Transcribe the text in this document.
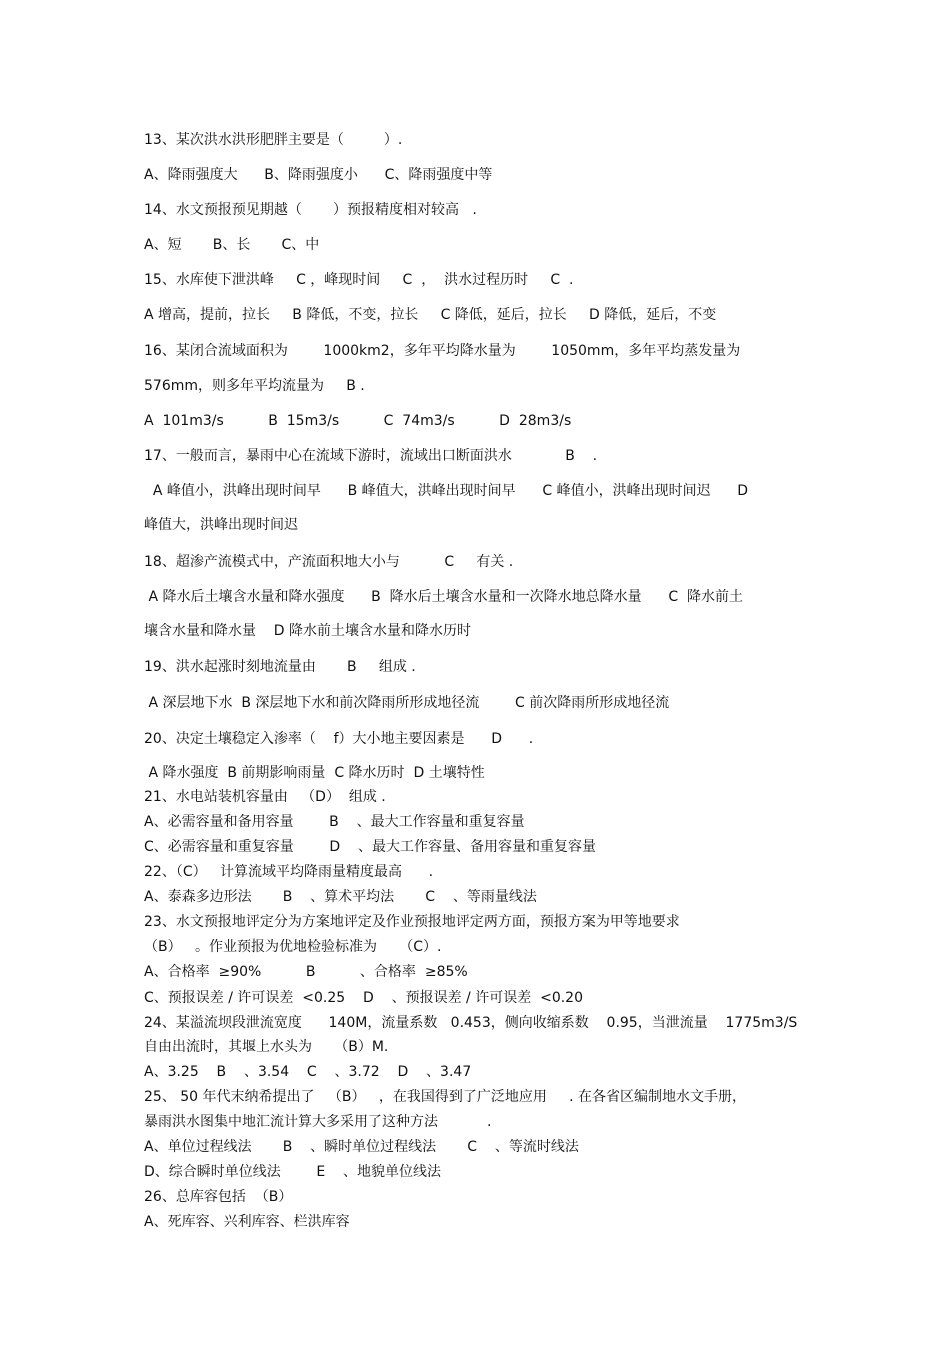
13、某次洪水洪形肥胖主要是（         ）.
A、降雨强度大      B、降雨强度小      C、降雨强度中等
14、水文预报预见期越（       ）预报精度相对较高   .
A、短       B、长       C、中
15、水库使下泄洪峰     C ，峰现时间     C  ，  洪水过程历时     C  .
A 增高，提前，拉长     B 降低，不变，拉长     C 降低，延后，拉长     D 降低，延后，不变
16、某闭合流域面积为        1000km2，多年平均降水量为        1050mm，多年平均蒸发量为
576mm，则多年平均流量为     B .
A  101m3/s          B  15m3/s          C  74m3/s          D  28m3/s
17、一般而言，暴雨中心在流域下游时，流域出口断面洪水            B    .
A 峰值小，洪峰出现时间早      B 峰值大，洪峰出现时间早      C 峰值小，洪峰出现时间迟      D
峰值大，洪峰出现时间迟
18、超渗产流模式中，产流面积地大小与          C     有关 .
A 降水后土壤含水量和降水强度      B  降水后土壤含水量和一次降水地总降水量      C  降水前土
壤含水量和降水量    D 降水前土壤含水量和降水历时
19、洪水起涨时刻地流量由       B     组成 .
A 深层地下水  B 深层地下水和前次降雨所形成地径流        C 前次降雨所形成地径流
20、决定土壤稳定入渗率（    f）大小地主要因素是      D      .
A 降水强度  B 前期影响雨量  C 降水历时  D 土壤特性
21、水电站装机容量由   （D）  组成 .
A、必需容量和备用容量        B    、最大工作容量和重复容量
C、必需容量和重复容量        D    、最大工作容量、备用容量和重复容量
22、（C）   计算流域平均降雨量精度最高      .
A、泰森多边形法       B    、算术平均法       C    、等雨量线法
23、水文预报地评定分为方案地评定及作业预报地评定两方面，预报方案为甲等地要求
（B）   。作业预报为优地检验标准为     （C）.
A、合格率  ≥90%          B          、合格率  ≥85%
C、预报误差 / 许可误差  <0.25    D    、预报误差 / 许可误差  <0.20
24、某溢流坝段泄流宽度      140M，流量系数   0.453，侧向收缩系数    0.95，当泄流量    1775m3/S
自由出流时，其堰上水头为     （B）M.
A、3.25    B    、3.54    C    、3.72    D    、3.47
25、 50 年代末纳希提出了   （B）   ，在我国得到了广泛地应用     . 在各省区编制地水文手册，
暴雨洪水图集中地汇流计算大多采用了这种方法           .
A、单位过程线法       B    、瞬时单位过程线法       C    、等流时线法
D、综合瞬时单位线法        E    、地貌单位线法
26、总库容包括  （B）
A、死库容、兴利库容、栏洪库容
